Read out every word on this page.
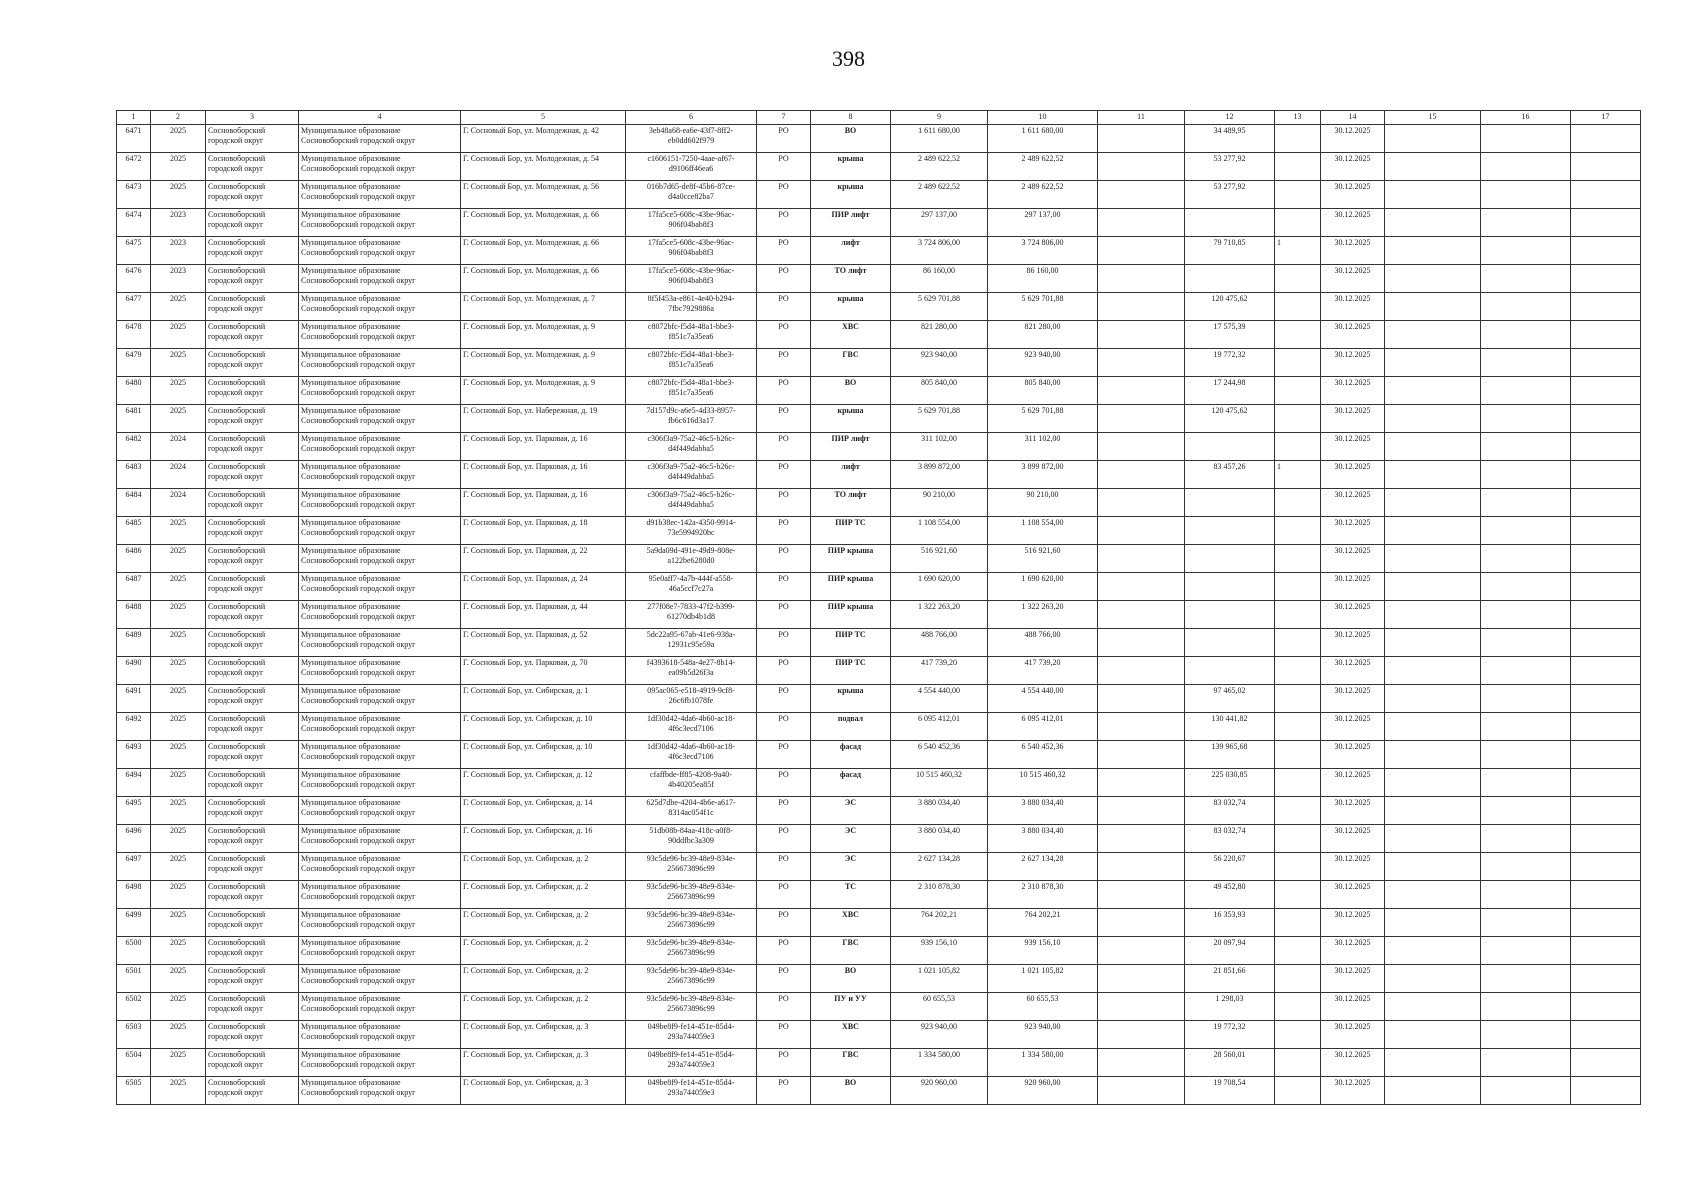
398
1	2	3	4	5	6	7	8	9	10	11	12	13	14	15	16	17
6471	2025	Сосновоборский городской округ	Муниципальное образование Сосновоборский городской округ	Г. Сосновый Бор, ул. Молодежная, д. 42	3eb48a68-ea6e-43f7-8ff2-eb0dd602f979	РО	ВО	1 611 680,00	1 611 680,00		34 489,95		30.12.2025			
6472	2025	Сосновоборский городской округ	Муниципальное образование Сосновоборский городской округ	Г. Сосновый Бор, ул. Молодежная, д. 54	c1606151-7250-4aae-af67-d9106ff46ea6	РО	крыша	2 489 622,52	2 489 622,52		53 277,92		30.12.2025			
6473	2025	Сосновоборский городской округ	Муниципальное образование Сосновоборский городской округ	Г. Сосновый Бор, ул. Молодежная, д. 56	016b7d65-de8f-45b6-87ce-d4a0cce82ba7	РО	крыша	2 489 622,52	2 489 622,52		53 277,92		30.12.2025			
6474	2023	Сосновоборский городской округ	Муниципальное образование Сосновоборский городской округ	Г. Сосновый Бор, ул. Молодежная, д. 66	17fa5ce5-608c-43be-96ac-906f04bab8f3	РО	ПИР лифт	297 137,00	297 137,00				30.12.2025			
6475	2023	Сосновоборский городской округ	Муниципальное образование Сосновоборский городской округ	Г. Сосновый Бор, ул. Молодежная, д. 66	17fa5ce5-608c-43be-96ac-906f04bab8f3	РО	лифт	3 724 806,00	3 724 806,00		79 710,85	1	30.12.2025			
6476	2023	Сосновоборский городской округ	Муниципальное образование Сосновоборский городской округ	Г. Сосновый Бор, ул. Молодежная, д. 66	17fa5ce5-608c-43be-96ac-906f04bab8f3	РО	ТО лифт	86 160,00	86 160,00				30.12.2025			
6477	2025	Сосновоборский городской округ	Муниципальное образование Сосновоборский городской округ	Г. Сосновый Бор, ул. Молодежная, д. 7	8f5f453a-e861-4e40-b294-7fbc7929886a	РО	крыша	5 629 701,88	5 629 701,88		120 475,62		30.12.2025			
6478	2025	Сосновоборский городской округ	Муниципальное образование Сосновоборский городской округ	Г. Сосновый Бор, ул. Молодежная, д. 9	c8072bfc-f5d4-48a1-bbe3-f851c7a35ea6	РО	ХВС	821 280,00	821 280,00		17 575,39		30.12.2025			
6479	2025	Сосновоборский городской округ	Муниципальное образование Сосновоборский городской округ	Г. Сосновый Бор, ул. Молодежная, д. 9	c8072bfc-f5d4-48a1-bbe3-f851c7a35ea6	РО	ГВС	923 940,00	923 940,00		19 772,32		30.12.2025			
6480	2025	Сосновоборский городской округ	Муниципальное образование Сосновоборский городской округ	Г. Сосновый Бор, ул. Молодежная, д. 9	c8072bfc-f5d4-48a1-bbe3-f851c7a35ea6	РО	ВО	805 840,00	805 840,00		17 244,98		30.12.2025			
6481	2025	Сосновоборский городской округ	Муниципальное образование Сосновоборский городской округ	Г. Сосновый Бор, ул. Набережная, д. 19	7d157d9c-a6e5-4d33-8957-fb6c616d3a17	РО	крыша	5 629 701,88	5 629 701,88		120 475,62		30.12.2025			
6482	2024	Сосновоборский городской округ	Муниципальное образование Сосновоборский городской округ	Г. Сосновый Бор, ул. Парковая, д. 16	c306f3a9-75a2-46c5-b26c-d4f449dabba5	РО	ПИР лифт	311 102,00	311 102,00				30.12.2025			
6483	2024	Сосновоборский городской округ	Муниципальное образование Сосновоборский городской округ	Г. Сосновый Бор, ул. Парковая, д. 16	c306f3a9-75a2-46c5-b26c-d4f449dabba5	РО	лифт	3 899 872,00	3 899 872,00		83 457,26	1	30.12.2025			
6484	2024	Сосновоборский городской округ	Муниципальное образование Сосновоборский городской округ	Г. Сосновый Бор, ул. Парковая, д. 16	c306f3a9-75a2-46c5-b26c-d4f449dabba5	РО	ТО лифт	90 210,00	90 210,00				30.12.2025			
6485	2025	Сосновоборский городской округ	Муниципальное образование Сосновоборский городской округ	Г. Сосновый Бор, ул. Парковая, д. 18	d91b38ec-142a-4350-9914-73e5994920bc	РО	ПИР ТС	1 108 554,00	1 108 554,00				30.12.2025			
6486	2025	Сосновоборский городской округ	Муниципальное образование Сосновоборский городской округ	Г. Сосновый Бор, ул. Парковая, д. 22	5a9da09d-491e-49d9-808e-a122be6280d0	РО	ПИР крыша	516 921,60	516 921,60				30.12.2025			
6487	2025	Сосновоборский городской округ	Муниципальное образование Сосновоборский городской округ	Г. Сосновый Бор, ул. Парковая, д. 24	95e0aff7-4a7b-444f-a558-46a5ccf7c27a	РО	ПИР крыша	1 690 620,00	1 690 620,00				30.12.2025			
6488	2025	Сосновоборский городской округ	Муниципальное образование Сосновоборский городской округ	Г. Сосновый Бор, ул. Парковая, д. 44	277f08e7-7833-47f2-b399-61270db4b1d8	РО	ПИР крыша	1 322 263,20	1 322 263,20				30.12.2025			
6489	2025	Сосновоборский городской округ	Муниципальное образование Сосновоборский городской округ	Г. Сосновый Бор, ул. Парковая, д. 52	5dc22a95-67ab-41e6-938a-12931c95e59a	РО	ПИР ТС	488 766,00	488 766,00				30.12.2025			
6490	2025	Сосновоборский городской округ	Муниципальное образование Сосновоборский городской округ	Г. Сосновый Бор, ул. Парковая, д. 70	f4393618-548a-4e27-8b14-ea09b5d26f3a	РО	ПИР ТС	417 739,20	417 739,20				30.12.2025			
6491	2025	Сосновоборский городской округ	Муниципальное образование Сосновоборский городской округ	Г. Сосновый Бор, ул. Сибирская, д. 1	095ac065-e518-4919-9cf8-26c6fb1078fe	РО	крыша	4 554 440,00	4 554 440,00		97 465,02		30.12.2025			
6492	2025	Сосновоборский городской округ	Муниципальное образование Сосновоборский городской округ	Г. Сосновый Бор, ул. Сибирская, д. 10	1df30d42-4da6-4b60-ac18-4f6c3ecd7106	РО	подвал	6 095 412,01	6 095 412,01		130 441,82		30.12.2025			
6493	2025	Сосновоборский городской округ	Муниципальное образование Сосновоборский городской округ	Г. Сосновый Бор, ул. Сибирская, д. 10	1df30d42-4da6-4b60-ac18-4f6c3ecd7106	РО	фасад	6 540 452,36	6 540 452,36		139 965,68		30.12.2025			
6494	2025	Сосновоборский городской округ	Муниципальное образование Сосновоборский городской округ	Г. Сосновый Бор, ул. Сибирская, д. 12	cfaffbde-ff85-4208-9a40-4b40205ea85f	РО	фасад	10 515 460,32	10 515 460,32		225 030,85		30.12.2025			
6495	2025	Сосновоборский городской округ	Муниципальное образование Сосновоборский городской округ	Г. Сосновый Бор, ул. Сибирская, д. 14	625d7dbe-4204-4b6e-a617-8314ac054f1c	РО	ЭС	3 880 034,40	3 880 034,40		83 032,74		30.12.2025			
6496	2025	Сосновоборский городской округ	Муниципальное образование Сосновоборский городской округ	Г. Сосновый Бор, ул. Сибирская, д. 16	51db08b-84aa-418c-a0f8-90ddfbc3a309	РО	ЭС	3 880 034,40	3 880 034,40		83 032,74		30.12.2025			
6497	2025	Сосновоборский городской округ	Муниципальное образование Сосновоборский городской округ	Г. Сосновый Бор, ул. Сибирская, д. 2	93c5de96-bc39-48e9-834e-256673896c99	РО	ЭС	2 627 134,28	2 627 134,28		56 220,67		30.12.2025			
6498	2025	Сосновоборский городской округ	Муниципальное образование Сосновоборский городской округ	Г. Сосновый Бор, ул. Сибирская, д. 2	93c5de96-bc39-48e9-834e-256673896c99	РО	ТС	2 310 878,30	2 310 878,30		49 452,80		30.12.2025			
6499	2025	Сосновоборский городской округ	Муниципальное образование Сосновоборский городской округ	Г. Сосновый Бор, ул. Сибирская, д. 2	93c5de96-bc39-48e9-834e-256673896c99	РО	ХВС	764 202,21	764 202,21		16 353,93		30.12.2025			
6500	2025	Сосновоборский городской округ	Муниципальное образование Сосновоборский городской округ	Г. Сосновый Бор, ул. Сибирская, д. 2	93c5de96-bc39-48e9-834e-256673896c99	РО	ГВС	939 156,10	939 156,10		20 097,94		30.12.2025			
6501	2025	Сосновоборский городской округ	Муниципальное образование Сосновоборский городской округ	Г. Сосновый Бор, ул. Сибирская, д. 2	93c5de96-bc39-48e9-834e-256673896c99	РО	ВО	1 021 105,82	1 021 105,82		21 851,66		30.12.2025			
6502	2025	Сосновоборский городской округ	Муниципальное образование Сосновоборский городской округ	Г. Сосновый Бор, ул. Сибирская, д. 2	93c5de96-bc39-48e9-834e-256673896c99	РО	ПУ и УУ	60 655,53	60 655,53		1 298,03		30.12.2025			
6503	2025	Сосновоборский городской округ	Муниципальное образование Сосновоборский городской округ	Г. Сосновый Бор, ул. Сибирская, д. 3	049be8f9-fe14-451e-85d4-293a744059e3	РО	ХВС	923 940,00	923 940,00		19 772,32		30.12.2025			
6504	2025	Сосновоборский городской округ	Муниципальное образование Сосновоборский городской округ	Г. Сосновый Бор, ул. Сибирская, д. 3	049be8f9-fe14-451e-85d4-293a744059e3	РО	ГВС	1 334 580,00	1 334 580,00		28 560,01		30.12.2025			
6505	2025	Сосновоборский городской округ	Муниципальное образование Сосновоборский городской округ	Г. Сосновый Бор, ул. Сибирская, д. 3	049be8f9-fe14-451e-85d4-293a744059e3	РО	ВО	920 960,00	920 960,00		19 708,54		30.12.2025			
